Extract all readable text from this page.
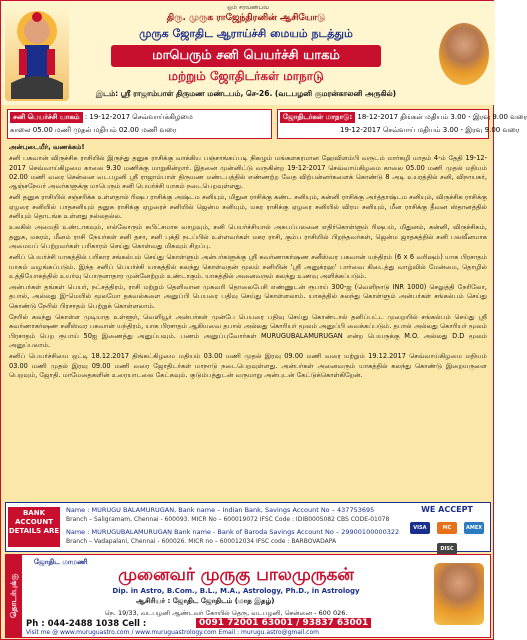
ஓம் சரவணபவ
திரு. முருக ராஜேந்திரனின் ஆசியோடு
முருக ஜோதிட ஆராய்ச்சி மையம் நடத்தும்
மாபெரும் சனி பெயர்ச்சி யாகம்
மற்றும் ஜோதிடர்கள் மாநாடு
இடம்: ஸ்ரீ ராஜாம்பாள் திருமண மண்டபம், செ-26. (வடபழனி குமரன்காலனி அருகில்)
சனி பெயர்ச்சி யாகம் : 19-12-2017 செவ்வாய்க்கிழமை
காலை 05.00 மணி முதல் மதியம் 02.00 மணி வரை
ஜோதிடர்கள் மாநாடு: 18-12-2017 திங்கள் மதியம் 3.00 - இரவு 9.00 வரை
19-12-2017 செவ்வாய் மதியம் 3.00 - இரவு 9.00 வரை

அன்புடையீர், வணக்கம்!

சனி பகவான் விருச்சிக ராசியில் இருந்து தனுசு ராசிக்கு வாக்கிய பஞ்சாங்கப்படி நிகழும் மங்களகரமான ஹேவிளம்பி வருடம் மார்கழி மாதம் 4-ம் தேதி 19-12-2017 செவ்வாய்கிழமை காலை 9.30 மணிக்கு மாறுகின்றார். இதனை முன்னிட்டு வருகின்ற 19-12-2017 செவ்வாய்கிழமை காலை 05.00 மணி முதல் மதியம் 02.00 மணி வரை சென்னை வடபழனி ஸ்ரீ ராஜாம்பாள் திருமண மண்டபத்தில் எண்ணற்ற வேத விற்பன்னர்களைக் கொண்டு 8 அடி உயரத்தில் சனி, விநாயகர், ஆஞ்சநேயர் அவர்களுக்கு மாபெரும் சனி பெயர்ச்சி யாகம் நடைபெறவுள்ளது.

சனி தனுசு ராசியில் சஞ்சரிக்க உள்ளதால் ரிஷப ராசிக்கு அஷ்டம சனியும், மிதுன ராசிக்கு கண்ட சனியும், கன்னி ராசிக்கு அர்த்தாஷ்டம சனியும், விருச்சிக ராசிக்கு ஏழரை சனியில் பாதசனியும் தனுசு ராசிக்கு ஏழரைச் சனியில் ஜென்ம சனியும், மகர ராசிக்கு ஏழரை சனியில் விரய சனியும், மீன ராசிக்கு தீவன ஸ்தானத்தில் சனியும் தொடங்க உள்ளது நல்லதல்ல.

உலகில் அமைதி உண்டாகவும், எல்லோரும் சுபிட்சமாக வாழவும், சனி பெயர்ச்சியால் அசுபப்பலனை எதிர்கொள்ளும் ரிஷபம், மிதுனம், கன்னி, விருச்சிகம், தனுசு, மகரம், மீனம் ராசி நேயர்கள் சனி தசா, சனி புக்தி நடப்பில் உள்ளவர்கள் மகர ராசி, கும்ப ராசியில் பிறந்தவர்கள், ஜென்ம ஜாதகத்தில் சனி பலவீனமாக அமையப் பெற்றவர்கள் பரிகாரம் செய்து கொள்வது மிகவும் சிறப்பு.

சனிப் பெயர்ச்சி யாகத்தில் பரிகார சங்கல்பம் செய்து கொள்ளும் அன்பர்களுக்கு ஸ்ரீ சுவர்ணாகர்ஷண சனீஸ்வர பகவான் யந்திரம் (6 x 6 வரிஷம்) யாக பிரசாதம் யாகம் வழங்கப்படும். இந்த சனிப் பெயர்ச்சி யாகத்தில் கலந்து கொள்வதன் மூலம் சனியின் 'ஸ்ரீ அனுக்ரஹ' பார்வை கிடைத்து வாழ்வில் மேன்மை, தொழில் உத்தியோகத்தில் உயர்வு பொருளாதார முன்னேற்றம் உண்டாகும். யாகத்தில் அனைவரும் கலந்து உணவு அளிக்கப்படும்.

அன்பர்கள் தங்கள் பெயர், நட்சத்திரம், ராசி மற்றும் தெளிவான முகவரி தொலைபேசி எண்ணுடன் ரூபாய் 300-ஐ (வெளிநாடு INR 1000) செலுத்தி நேரிலோ, தபால், அல்லது இ-மெயில் மூலமோ தகவல்களை அனுப்பி பெயரை பதிவு செய்து கொள்ளலாம். யாகத்தில் கலந்து கொள்ளும் அன்பர்கள் சங்கல்பம் செய்து கொண்டு நேரில் பிரசாதம் பெற்றுக் கொள்ளலாம்.

நேரில் கலந்து கொள்ள முடியாத உள்ளூர், வெளியூர் அன்பர்கள் முன்பே பெயரை பதிவு செய்து கொண்டால் தனிப்பட்ட முறையில் சங்கல்பம் செய்து ஸ்ரீ சுவர்ணாகர்ஷண சனீஸ்வர பகவான் யந்திரம், யாக பிரசாதம் ஆகியவை தபால் அல்லது கொரியர் மூலம் அனுப்பி வைக்கப்படும். தபால் அல்லது கொரியர் மூலம் பிரசாதம் பெற ரூபாய் 50ஐ இணைத்து அனுப்பவும். பணம் அனுப்புவோர்கள் MURUGUBALAMURUGAN என்ற பெயருக்கு M.O. அல்லது D.D மூலம் அனுப்பலாம்.

சனிப் பெயர்ச்சியை ஒட்டி 18.12.2017 திங்கட்கிழமை மதியம் 03.00 மணி முதல் இரவு 09.00 மணி வரை மற்றும் 19.12.2017 செவ்வாய்கிழமை மதியம் 03.00 மணி முதல் இரவு 09.00 மணி வரை ஜோதிடர்கள் மாநாடு நடைபெறவுள்ளது. அன்பர்கள் அனைவரும் யாகத்தில் கலந்து கொண்டு இறையருளை பெறவும், ஜோதி. மாமேதைகளின் உரையாடலை கேட்கவும். குடும்பத்துடன் வருமாறு அன்புடன் கேட்டுக்கொள்கிறேன்.

BANK ACCOUNT DETAILS ARE
Name : MURUGU BALAMURUGAN, Bank name – Indian Bank, Savings Account No – 437753695
Branch – Saligramam, Chennai - 600093. MICR No – 600019072 IFSC Code : IDIB000S082 CBS CODE-01078
Name : MURUGUBALAMURUGAN Bank name - Bank of Baroda Savings Account No – 29900100000322
Branch – Vadapalani, Chennai - 600026. MICR no – 600012034 IFSC code : BARBOVADAPA
WE ACCEPT
VISA	MC	AMEX DISC
தொடர்புக்கு
ஜோதிட மாமணி
முனைவர் முருகு பாலமுருகன்
Dip. in Astro, B.Com., B.L., M.A., Astrology, Ph.D., in Astrology
ஆசிரியர் : ஜோதிட ஜோதிடம் (மாத இதழ்)
நெ. 19/33, வடபழனி ஆண்டவர் கோயில் தெரு, வடபழனி, சென்னை - 600 026.
Ph : 044-2488 1038 Cell :	0091 72001 63001 / 93837 63001
Visit me @ www.muruguastro.com / www.muruguastrology.com Email : murugu.astro@gmail.com
